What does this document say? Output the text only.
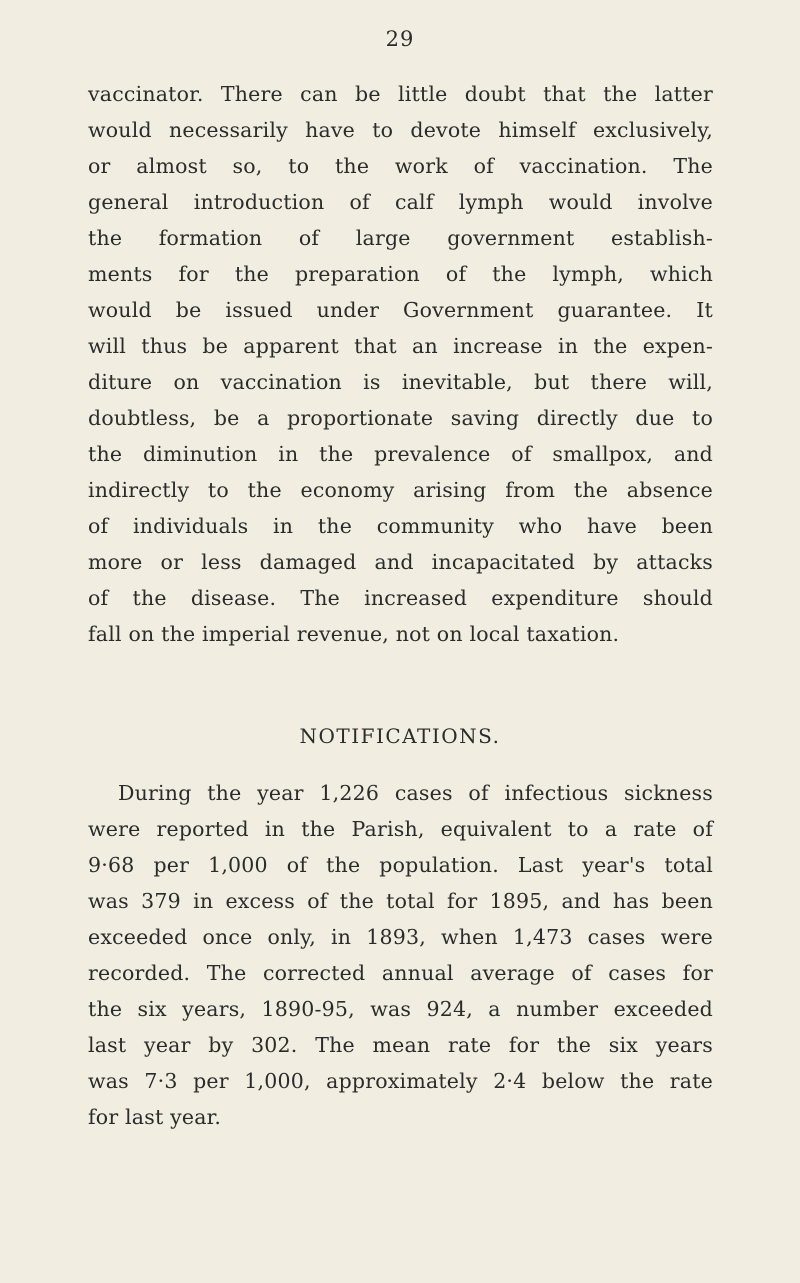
29
vaccinator. There can be little doubt that the latter
would necessarily have to devote himself exclusively,
or almost so, to the work of vaccination. The
general introduction of calf lymph would involve
the formation of large government establish-
ments for the preparation of the lymph, which
would be issued under Government guarantee. It
will thus be apparent that an increase in the expen-
diture on vaccination is inevitable, but there will,
doubtless, be a proportionate saving directly due to
the diminution in the prevalence of smallpox, and
indirectly to the economy arising from the absence
of individuals in the community who have been
more or less damaged and incapacitated by attacks
of the disease. The increased expenditure should
fall on the imperial revenue, not on local taxation.
NOTIFICATIONS.
During the year 1,226 cases of infectious sickness
were reported in the Parish, equivalent to a rate of
9·68 per 1,000 of the population. Last year's total
was 379 in excess of the total for 1895, and has been
exceeded once only, in 1893, when 1,473 cases were
recorded. The corrected annual average of cases for
the six years, 1890-95, was 924, a number exceeded
last year by 302. The mean rate for the six years
was 7·3 per 1,000, approximately 2·4 below the rate
for last year.
